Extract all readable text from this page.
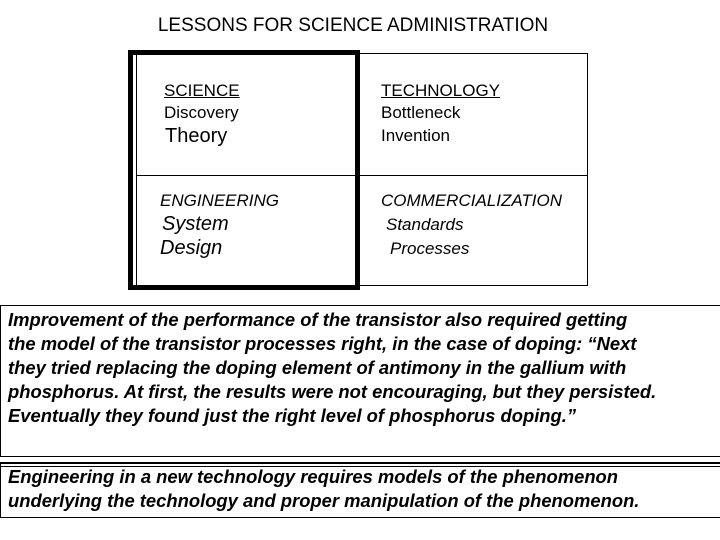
LESSONS FOR SCIENCE ADMINISTRATION
SCIENCE
Discovery
Theory
TECHNOLOGY
Bottleneck
Invention
ENGINEERING
System
Design
COMMERCIALIZATION
Standards
Processes
Improvement of the performance of the transistor also required getting
the model of the transistor processes right, in the case of doping: “Next
they tried replacing the doping element of antimony in the gallium with
phosphorus. At first, the results were not encouraging, but they persisted.
Eventually they found just the right level of phosphorus doping.”
Engineering in a new technology requires models of the phenomenon
underlying the technology and proper manipulation of the phenomenon.
